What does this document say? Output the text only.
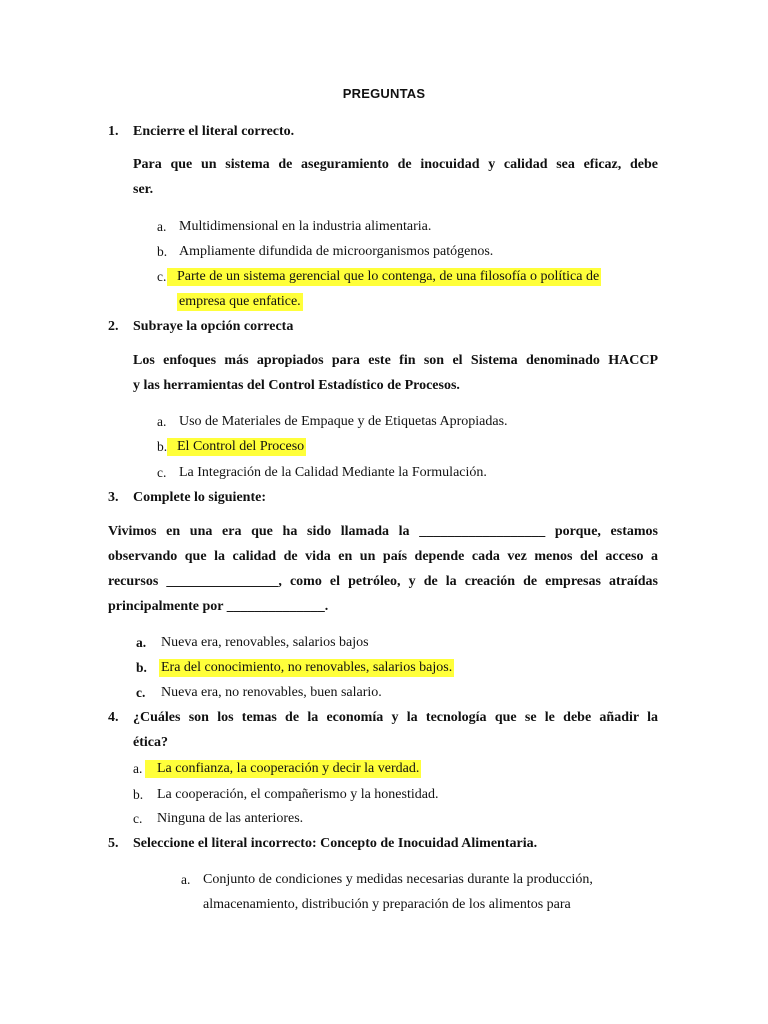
PREGUNTAS
1. Encierre el literal correcto.
Para que un sistema de aseguramiento de inocuidad y calidad sea eficaz, debe
ser.
a. Multidimensional en la industria alimentaria.
b. Ampliamente difundida de microorganismos patógenos.
c. Parte de un sistema gerencial que lo contenga, de una filosofía o política de
empresa que enfatice.
2. Subraye la opción correcta
Los enfoques más apropiados para este fin son el Sistema denominado HACCP
y las herramientas del Control Estadístico de Procesos.
a. Uso de Materiales de Empaque y de Etiquetas Apropiadas.
b. El Control del Proceso
c. La Integración de la Calidad Mediante la Formulación.
3. Complete lo siguiente:
Vivimos en una era que ha sido llamada la __________________ porque, estamos
observando que la calidad de vida en un país depende cada vez menos del acceso a
recursos ________________, como el petróleo, y de la creación de empresas atraídas
principalmente por ______________.
a. Nueva era, renovables, salarios bajos
b. Era del conocimiento, no renovables, salarios bajos.
c. Nueva era, no renovables, buen salario.
4. ¿Cuáles son los temas de la economía y la tecnología que se le debe añadir la
ética?
a.	La confianza, la cooperación y decir la verdad.
b. La cooperación, el compañerismo y la honestidad.
c. Ninguna de las anteriores.
5. Seleccione el literal incorrecto: Concepto de Inocuidad Alimentaria.
a. Conjunto de condiciones y medidas necesarias durante la producción,
almacenamiento, distribución y preparación de los alimentos para
